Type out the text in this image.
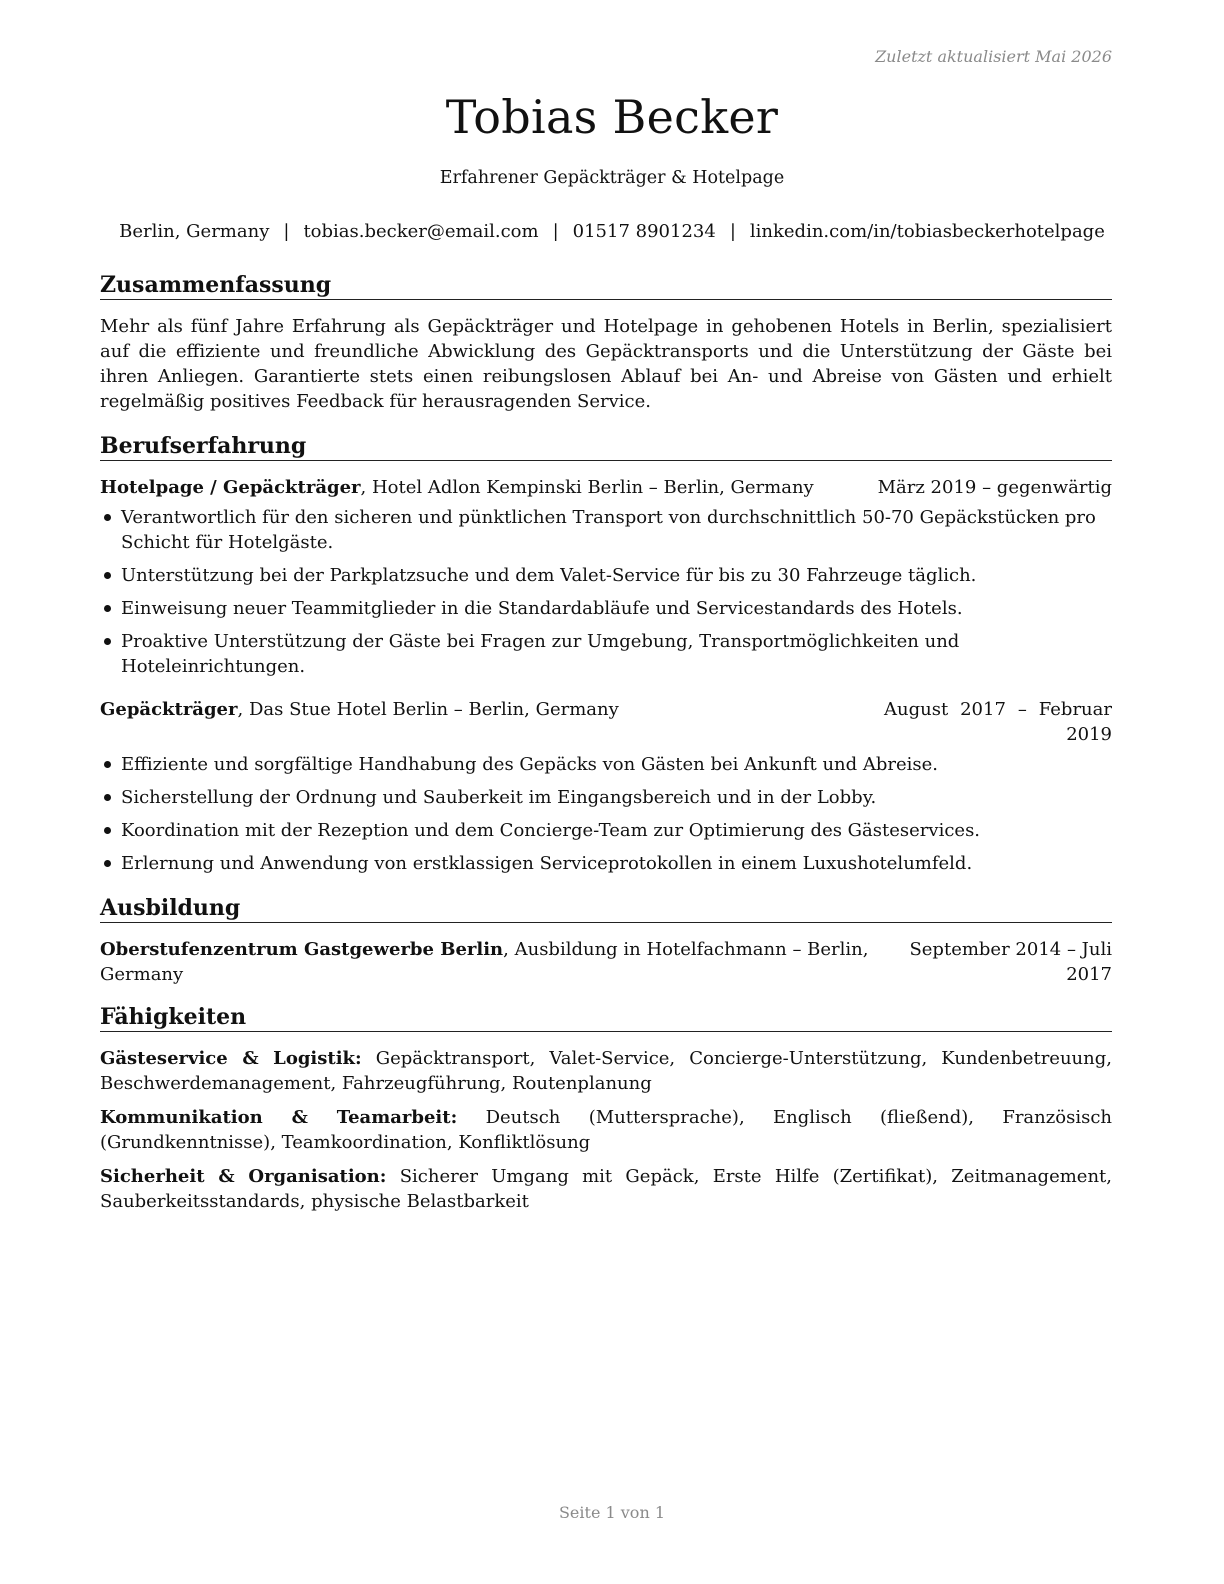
Zuletzt aktualisiert Mai 2026
Tobias Becker
Erfahrener Gepäckträger & Hotelpage
Berlin, Germany | tobias.becker@email.com | 01517 8901234 | linkedin.com/in/tobiasbeckerhotelpage
Zusammenfassung

Mehr als fünf Jahre Erfahrung als Gepäckträger und Hotelpage in gehobenen Hotels in Berlin, spezialisiert auf die effiziente und freundliche Abwicklung des Gepäcktransports und die Unterstützung der Gäste bei ihren Anliegen. Garantierte stets einen reibungslosen Ablauf bei An- und Abreise von Gästen und erhielt regelmäßig positives Feedback für herausragenden Service.

Berufserfahrung
Hotelpage / Gepäckträger, Hotel Adlon Kempinski Berlin – Berlin, Germany	März 2019 – gegenwärtig
Verantwortlich für den sicheren und pünktlichen Transport von durchschnittlich 50-70 Gepäckstücken pro Schicht für Hotelgäste.
Unterstützung bei der Parkplatzsuche und dem Valet-Service für bis zu 30 Fahrzeuge täglich.
Einweisung neuer Teammitglieder in die Standardabläufe und Servicestandards des Hotels.
Proaktive Unterstützung der Gäste bei Fragen zur Umgebung, Transportmöglichkeiten und Hoteleinrichtungen.
Gepäckträger, Das Stue Hotel Berlin – Berlin, Germany	August 2017 – Februar 2019
Effiziente und sorgfältige Handhabung des Gepäcks von Gästen bei Ankunft und Abreise.
Sicherstellung der Ordnung und Sauberkeit im Eingangsbereich und in der Lobby.
Koordination mit der Rezeption und dem Concierge-Team zur Optimierung des Gästeservices.
Erlernung und Anwendung von erstklassigen Serviceprotokollen in einem Luxushotelumfeld.
Ausbildung
Oberstufenzentrum Gastgewerbe Berlin, Ausbildung in Hotelfachmann – Berlin, Germany
September 2014 – Juli 2017
Fähigkeiten

Gästeservice & Logistik: Gepäcktransport, Valet-Service, Concierge-Unterstützung, Kundenbetreuung, Beschwerdemanagement, Fahrzeugführung, Routenplanung

Kommunikation & Teamarbeit: Deutsch (Muttersprache), Englisch (fließend), Französisch (Grundkenntnisse), Teamkoordination, Konfliktlösung

Sicherheit & Organisation: Sicherer Umgang mit Gepäck, Erste Hilfe (Zertifikat), Zeitmanagement, Sauberkeitsstandards, physische Belastbarkeit

Seite 1 von 1
